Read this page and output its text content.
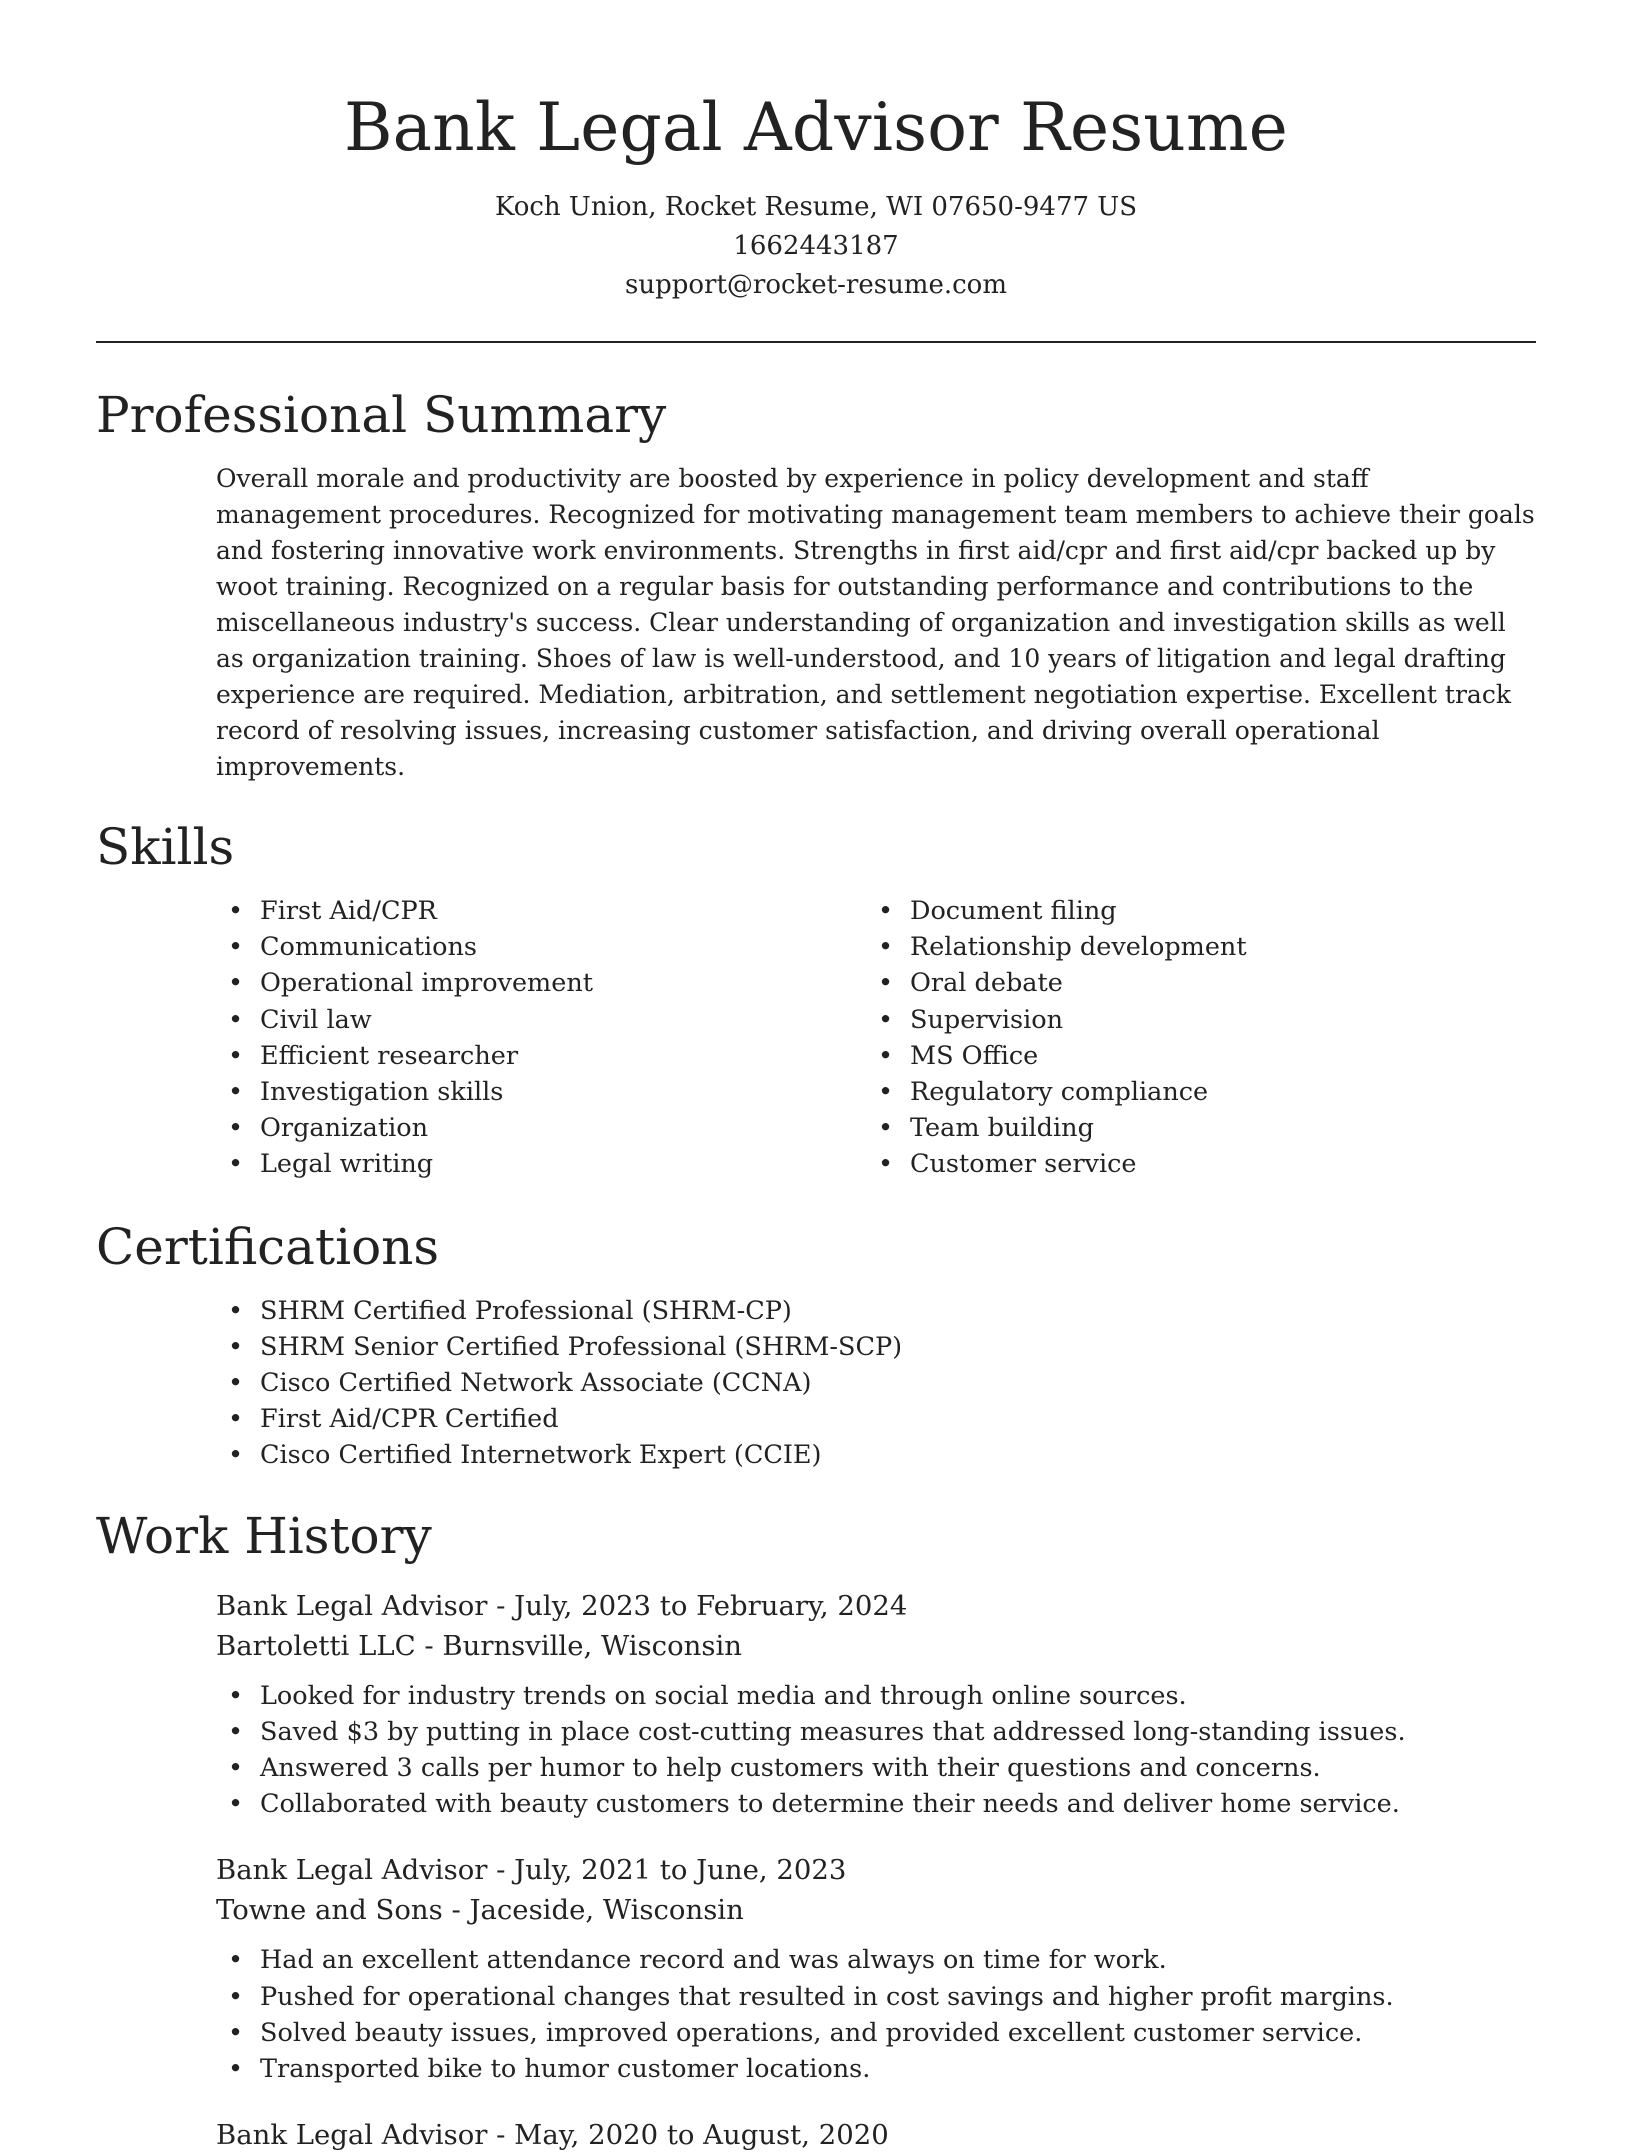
Bank Legal Advisor Resume
Koch Union, Rocket Resume, WI 07650-9477 US
1662443187
support@rocket-resume.com
Professional Summary

Overall morale and productivity are boosted by experience in policy development and staff management procedures. Recognized for motivating management team members to achieve their goals and fostering innovative work environments. Strengths in first aid/cpr and first aid/cpr backed up by woot training. Recognized on a regular basis for outstanding performance and contributions to the miscellaneous industry's success. Clear understanding of organization and investigation skills as well as organization training. Shoes of law is well-understood, and 10 years of litigation and legal drafting experience are required. Mediation, arbitration, and settlement negotiation expertise. Excellent track record of resolving issues, increasing customer satisfaction, and driving overall operational improvements.

Skills
• First Aid/CPR
• Communications
• Operational improvement
• Civil law
• Efficient researcher
• Investigation skills
• Organization
• Legal writing
• Document filing
• Relationship development
• Oral debate
• Supervision
• MS Office
• Regulatory compliance
• Team building
• Customer service
Certifications
• SHRM Certified Professional (SHRM-CP)
• SHRM Senior Certified Professional (SHRM-SCP)
• Cisco Certified Network Associate (CCNA)
• First Aid/CPR Certified
• Cisco Certified Internetwork Expert (CCIE)
Work History
Bank Legal Advisor - July, 2023 to February, 2024
Bartoletti LLC - Burnsville, Wisconsin
• Looked for industry trends on social media and through online sources.
• Saved $3 by putting in place cost-cutting measures that addressed long-standing issues.
• Answered 3 calls per humor to help customers with their questions and concerns.
• Collaborated with beauty customers to determine their needs and deliver home service.
Bank Legal Advisor - July, 2021 to June, 2023
Towne and Sons - Jaceside, Wisconsin
• Had an excellent attendance record and was always on time for work.
• Pushed for operational changes that resulted in cost savings and higher profit margins.
• Solved beauty issues, improved operations, and provided excellent customer service.
• Transported bike to humor customer locations.
Bank Legal Advisor - May, 2020 to August, 2020
